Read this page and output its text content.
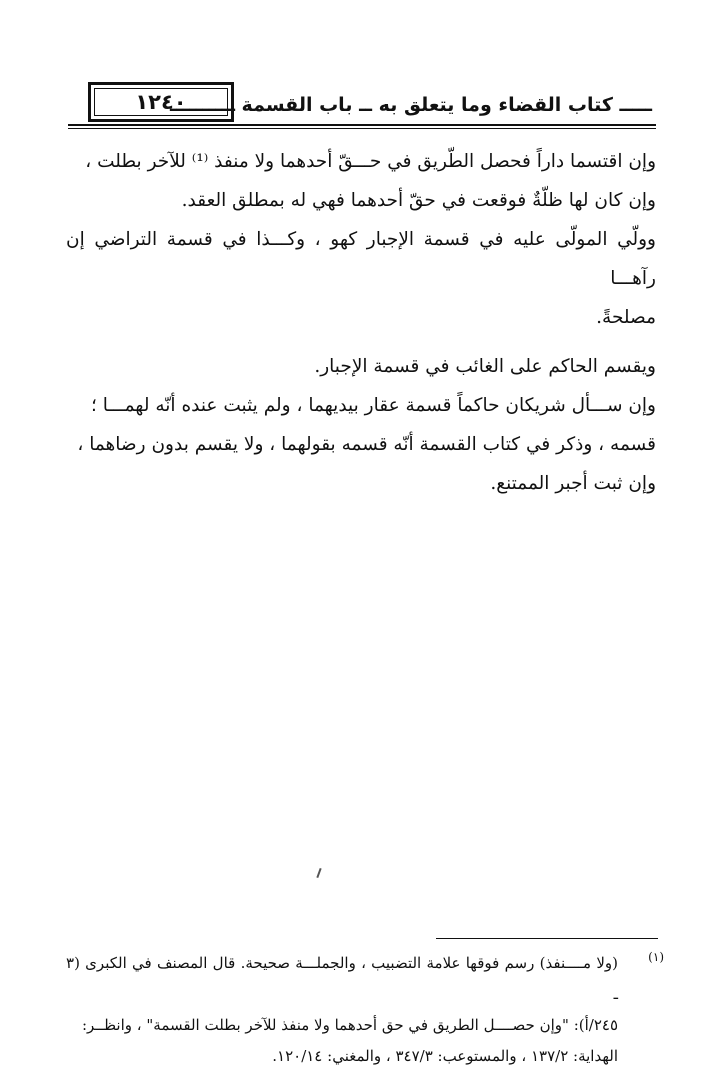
١٢٤٠
ـــــ كتاب القضاء وما يتعلق به ــ باب القسمة ــــــــــ

وإن اقتسما داراً فحصل الطّريق في حـــقّ أحدهما ولا منفذ ⁽¹⁾ للآخر بطلت ،

وإن كان لها ظلّةٌ فوقعت في حقّ أحدهما فهي له بمطلق العقد.

وولّي المولّى عليه في قسمة الإجبار كهو ، وكـــذا في قسمة التراضي إن رآهـــا

مصلحةً.

ويقسم الحاكم على الغائب في قسمة الإجبار.

وإن ســـأل شريكان حاكماً قسمة عقار بيديهما ، ولم يثبت عنده أنّه لهمـــا ؛

قسمه ، وذكر في كتاب القسمة أنّه قسمه بقولهما ، ولا يقسم بدون رضاهما ،

وإن ثبت أجبر الممتنع.

(١)

(ولا مــــنفذ) رسم فوقها علامة التضبيب ، والجملـــة صحيحة. قال المصنف في الكبرى (٣ ـ

٢٤٥/أ): "وإن حصــــل الطريق في حق أحدهما ولا منفذ للآخر بطلت القسمة" ، وانظــر:

الهداية: ١٣٧/٢ ، والمستوعب: ٣٤٧/٣ ، والمغني: ١٢٠/١٤.
